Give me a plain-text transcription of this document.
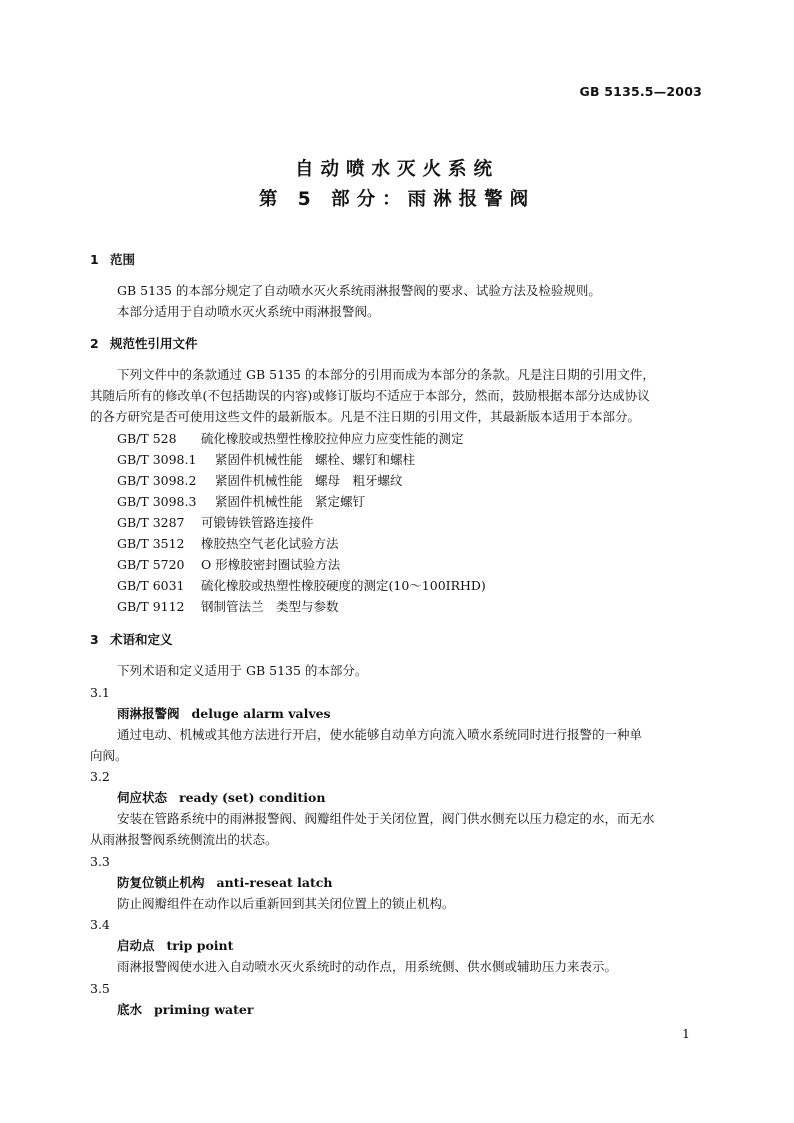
GB 5135.5—2003
自动喷水灭火系统
第 5 部分：雨淋报警阀
1 范围
GB 5135 的本部分规定了自动喷水灭火系统雨淋报警阀的要求、试验方法及检验规则。
本部分适用于自动喷水灭火系统中雨淋报警阀。
2 规范性引用文件
下列文件中的条款通过 GB 5135 的本部分的引用而成为本部分的条款。凡是注日期的引用文件，
其随后所有的修改单(不包括勘误的内容)或修订版均不适应于本部分，然而，鼓励根据本部分达成协议
的各方研究是否可使用这些文件的最新版本。凡是不注日期的引用文件，其最新版本适用于本部分。
GB/T 528 硫化橡胶或热塑性橡胶拉伸应力应变性能的测定
GB/T 3098.1 紧固件机械性能　螺栓、螺钉和螺柱
GB/T 3098.2 紧固件机械性能　螺母　粗牙螺纹
GB/T 3098.3 紧固件机械性能　紧定螺钉
GB/T 3287 可锻铸铁管路连接件
GB/T 3512 橡胶热空气老化试验方法
GB/T 5720 O 形橡胶密封圈试验方法
GB/T 6031 硫化橡胶或热塑性橡胶硬度的测定(10～100IRHD)
GB/T 9112 钢制管法兰　类型与参数
3 术语和定义
下列术语和定义适用于 GB 5135 的本部分。
3.1
雨淋报警阀 deluge alarm valves
通过电动、机械或其他方法进行开启，使水能够自动单方向流入喷水系统同时进行报警的一种单
向阀。
3.2
伺应状态 ready (set) condition
安装在管路系统中的雨淋报警阀、阀瓣组件处于关闭位置，阀门供水侧充以压力稳定的水，而无水
从雨淋报警阀系统侧流出的状态。
3.3
防复位锁止机构 anti-reseat latch
防止阀瓣组件在动作以后重新回到其关闭位置上的锁止机构。
3.4
启动点 trip point
雨淋报警阀使水进入自动喷水灭火系统时的动作点，用系统侧、供水侧或辅助压力来表示。
3.5
底水 priming water
1
